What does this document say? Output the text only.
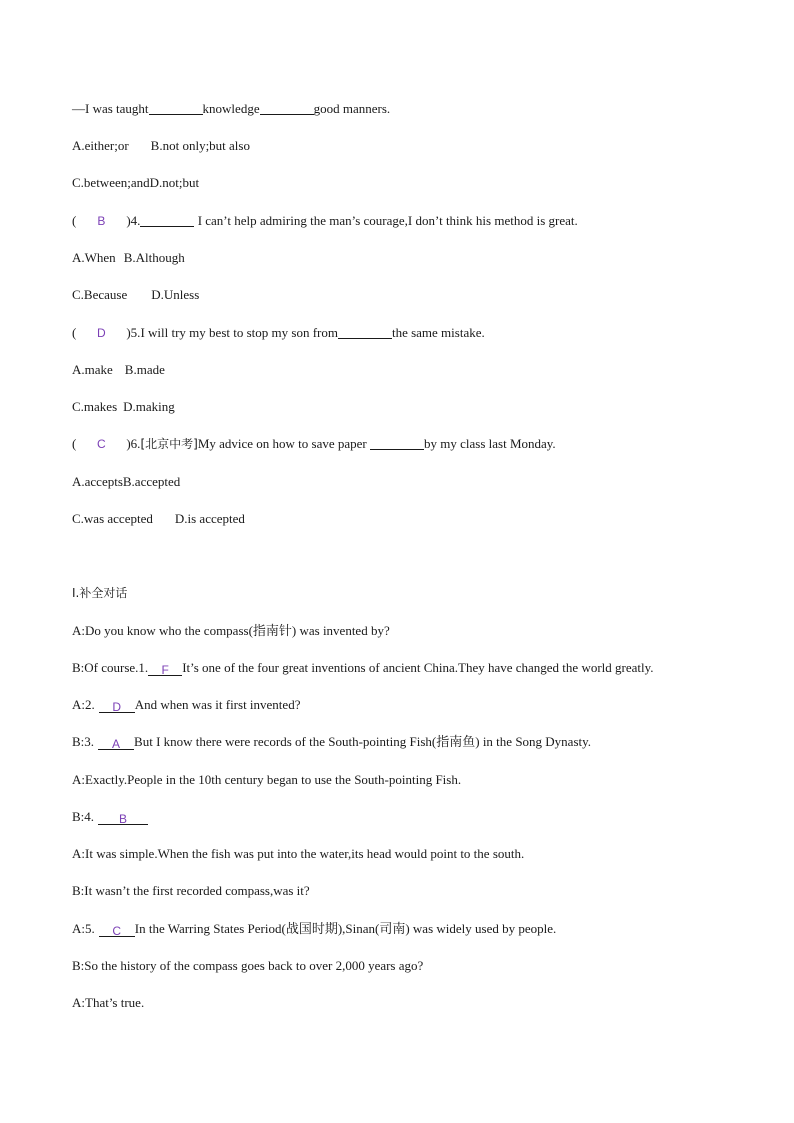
—I was taught	knowledge	good manners.
A.either;or B.not only;but also
C.between;andD.not;but
( B )4.	I can’t help admiring the man’s courage,I don’t think his method is great.
A.When B.Although
C.Because D.Unless
( D )5.I will try my best to stop my son from	the same mistake.
A.make B.made
C.makes D.making
( C )6.[北京中考]My advice on how to save paper	by my class last Monday.
A.acceptsB.accepted
C.was accepted D.is accepted
Ⅰ.补全对话
A:Do you know who the compass(指南针) was invented by?
B:Of course.1. F It’s one of the four great inventions of ancient China.They have changed the world greatly.
A:2. D And when was it first invented?
B:3. A But I know there were records of the South-pointing Fish(指南鱼) in the Song Dynasty.
A:Exactly.People in the 10th century began to use the South-pointing Fish.
B:4. B
A:It was simple.When the fish was put into the water,its head would point to the south.
B:It wasn’t the first recorded compass,was it?
A:5. C In the Warring States Period(战国时期),Sinan(司南) was widely used by people.
B:So the history of the compass goes back to over 2,000 years ago?
A:That’s true.
